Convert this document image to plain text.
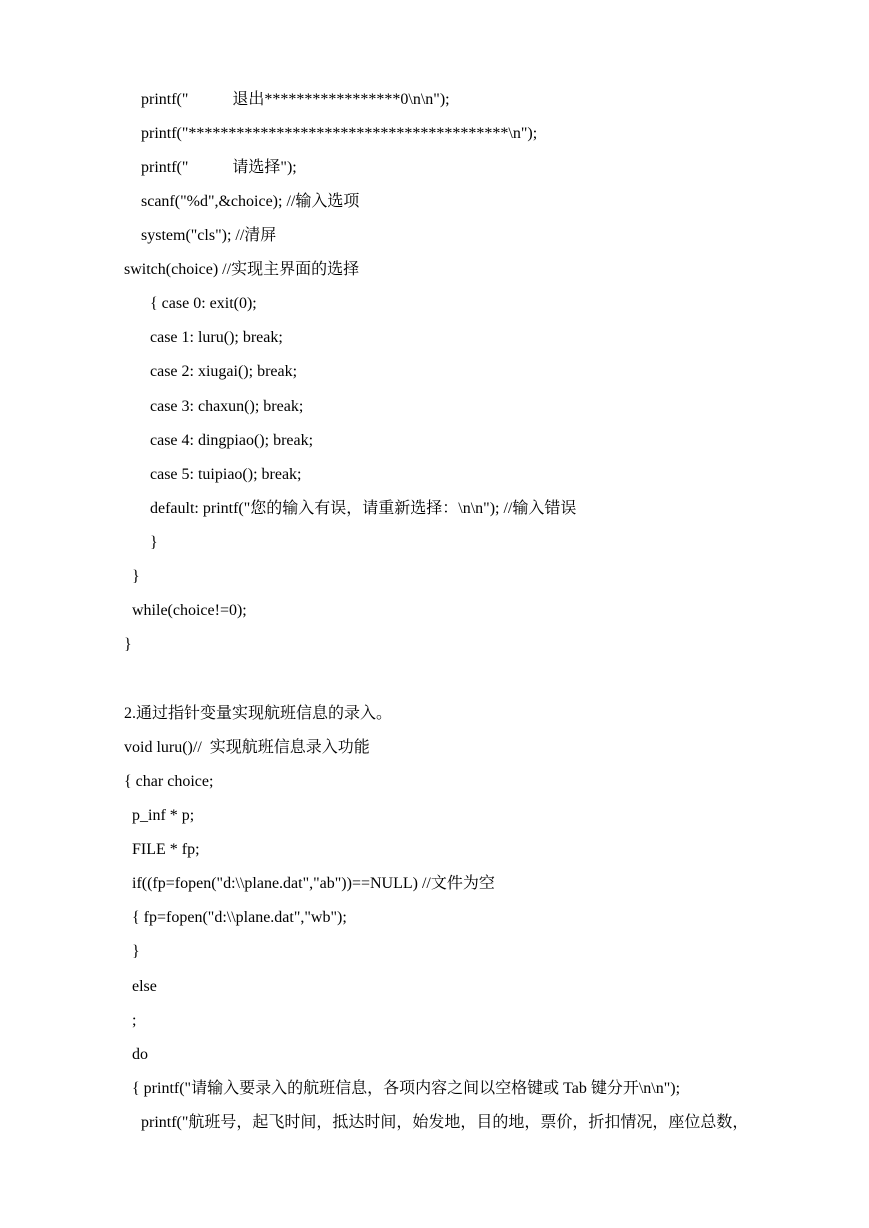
printf("           退出*****************0\n\n");
printf("****************************************\n");
printf("           请选择");
scanf("%d",&choice); //输入选项
system("cls"); //清屏
switch(choice) //实现主界面的选择
{ case 0: exit(0);
case 1: luru(); break;
case 2: xiugai(); break;
case 3: chaxun(); break;
case 4: dingpiao(); break;
case 5: tuipiao(); break;
default: printf("您的输入有误，请重新选择：\n\n"); //输入错误
}
}
while(choice!=0);
}
2.通过指针变量实现航班信息的录入。
void luru()//  实现航班信息录入功能
{ char choice;
p_inf * p;
FILE * fp;
if((fp=fopen("d:\\plane.dat","ab"))==NULL) //文件为空
{ fp=fopen("d:\\plane.dat","wb");
}
else
;
do
{ printf("请输入要录入的航班信息，各项内容之间以空格键或 Tab 键分开\n\n");
printf("航班号，起飞时间，抵达时间，始发地，目的地，票价，折扣情况，座位总数，
